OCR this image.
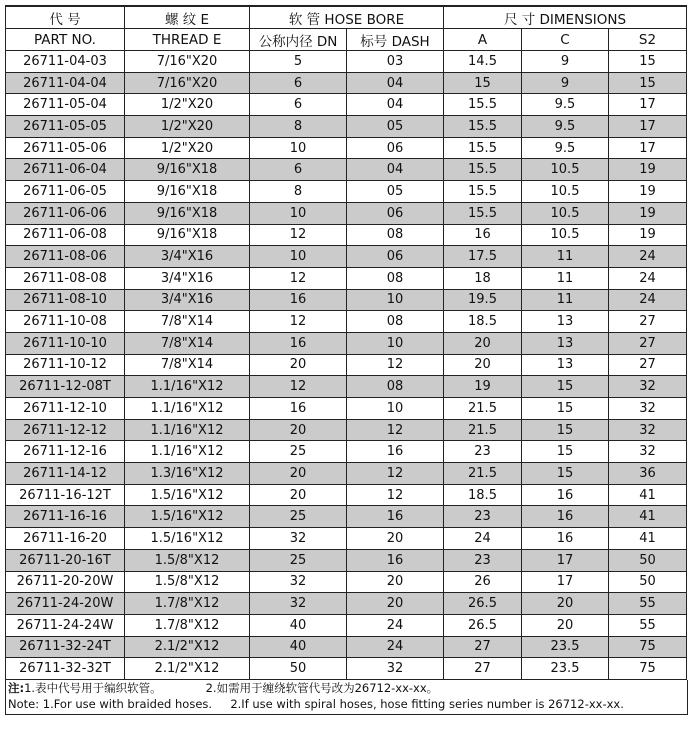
代 号	螺 纹 E	软 管 HOSE BORE		尺 寸 DIMENSIONS		
PART NO.	THREAD E	公称内径 DN	标号 DASH	A	C	S2
26711-04-03	7/16"X20	5	03	14.5	9	15
26711-04-04	7/16"X20	6	04	15	9	15
26711-05-04	1/2"X20	6	04	15.5	9.5	17
26711-05-05	1/2"X20	8	05	15.5	9.5	17
26711-05-06	1/2"X20	10	06	15.5	9.5	17
26711-06-04	9/16"X18	6	04	15.5	10.5	19
26711-06-05	9/16"X18	8	05	15.5	10.5	19
26711-06-06	9/16"X18	10	06	15.5	10.5	19
26711-06-08	9/16"X18	12	08	16	10.5	19
26711-08-06	3/4"X16	10	06	17.5	11	24
26711-08-08	3/4"X16	12	08	18	11	24
26711-08-10	3/4"X16	16	10	19.5	11	24
26711-10-08	7/8"X14	12	08	18.5	13	27
26711-10-10	7/8"X14	16	10	20	13	27
26711-10-12	7/8"X14	20	12	20	13	27
26711-12-08T	1.1/16"X12	12	08	19	15	32
26711-12-10	1.1/16"X12	16	10	21.5	15	32
26711-12-12	1.1/16"X12	20	12	21.5	15	32
26711-12-16	1.1/16"X12	25	16	23	15	32
26711-14-12	1.3/16"X12	20	12	21.5	15	36
26711-16-12T	1.5/16"X12	20	12	18.5	16	41
26711-16-16	1.5/16"X12	25	16	23	16	41
26711-16-20	1.5/16"X12	32	20	24	16	41
26711-20-16T	1.5/8"X12	25	16	23	17	50
26711-20-20W	1.5/8"X12	32	20	26	17	50
26711-24-20W	1.7/8"X12	32	20	26.5	20	55
26711-24-24W	1.7/8"X12	40	24	26.5	20	55
26711-32-24T	2.1/2"X12	40	24	27	23.5	75
26711-32-32T	2.1/2"X12	50	32	27	23.5	75
注: 1.表中代号用于编织软管。	2.如需用于缠绕软管代号改为26712-xx-xx。
Note: 1.For use with braided hoses.     2.If use with spiral hoses, hose fitting series number is 26712-xx-xx.
